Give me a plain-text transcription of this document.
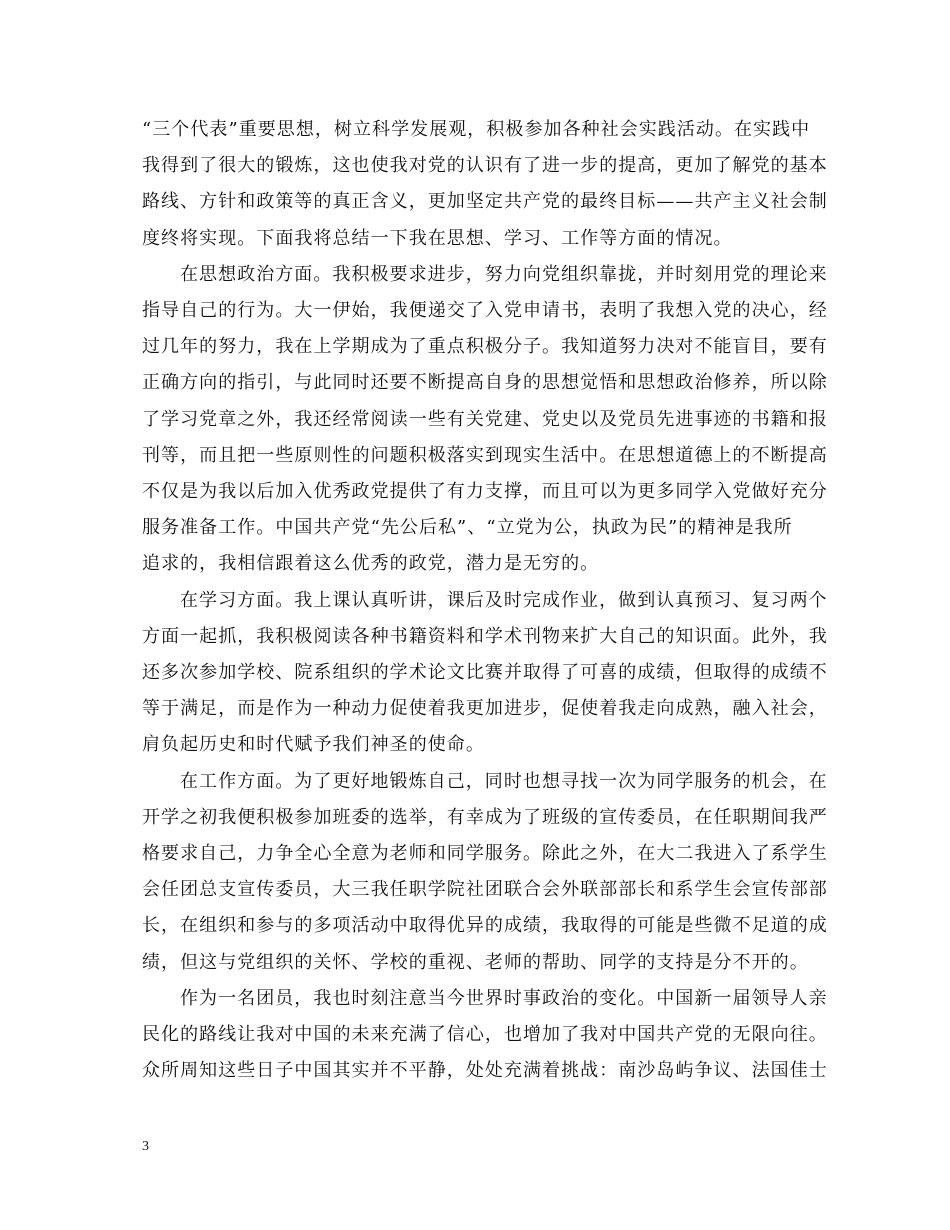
“三个代表”重要思想，树立科学发展观，积极参加各种社会实践活动。在实践中
我得到了很大的锻炼，这也使我对党的认识有了进一步的提高，更加了解党的基本
路线、方针和政策等的真正含义，更加坚定共产党的最终目标——共产主义社会制
度终将实现。下面我将总结一下我在思想、学习、工作等方面的情况。

在思想政治方面。我积极要求进步，努力向党组织靠拢，并时刻用党的理论来
指导自己的行为。大一伊始，我便递交了入党申请书，表明了我想入党的决心，经
过几年的努力，我在上学期成为了重点积极分子。我知道努力决对不能盲目，要有
正确方向的指引，与此同时还要不断提高自身的思想觉悟和思想政治修养，所以除
了学习党章之外，我还经常阅读一些有关党建、党史以及党员先进事迹的书籍和报
刊等，而且把一些原则性的问题积极落实到现实生活中。在思想道德上的不断提高
不仅是为我以后加入优秀政党提供了有力支撑，而且可以为更多同学入党做好充分
服务准备工作。中国共产党“先公后私”、“立党为公，执政为民”的精神是我所
追求的，我相信跟着这么优秀的政党，潜力是无穷的。

在学习方面。我上课认真听讲，课后及时完成作业，做到认真预习、复习两个
方面一起抓，我积极阅读各种书籍资料和学术刊物来扩大自己的知识面。此外，我
还多次参加学校、院系组织的学术论文比赛并取得了可喜的成绩，但取得的成绩不
等于满足，而是作为一种动力促使着我更加进步，促使着我走向成熟，融入社会，
肩负起历史和时代赋予我们神圣的使命。

在工作方面。为了更好地锻炼自己，同时也想寻找一次为同学服务的机会，在
开学之初我便积极参加班委的选举，有幸成为了班级的宣传委员，在任职期间我严
格要求自己，力争全心全意为老师和同学服务。除此之外，在大二我进入了系学生
会任团总支宣传委员，大三我任职学院社团联合会外联部部长和系学生会宣传部部
长，在组织和参与的多项活动中取得优异的成绩，我取得的可能是些微不足道的成
绩，但这与党组织的关怀、学校的重视、老师的帮助、同学的支持是分不开的。

作为一名团员，我也时刻注意当今世界时事政治的变化。中国新一届领导人亲
民化的路线让我对中国的未来充满了信心，也增加了我对中国共产党的无限向往。
众所周知这些日子中国其实并不平静，处处充满着挑战：南沙岛屿争议、法国佳士

3
